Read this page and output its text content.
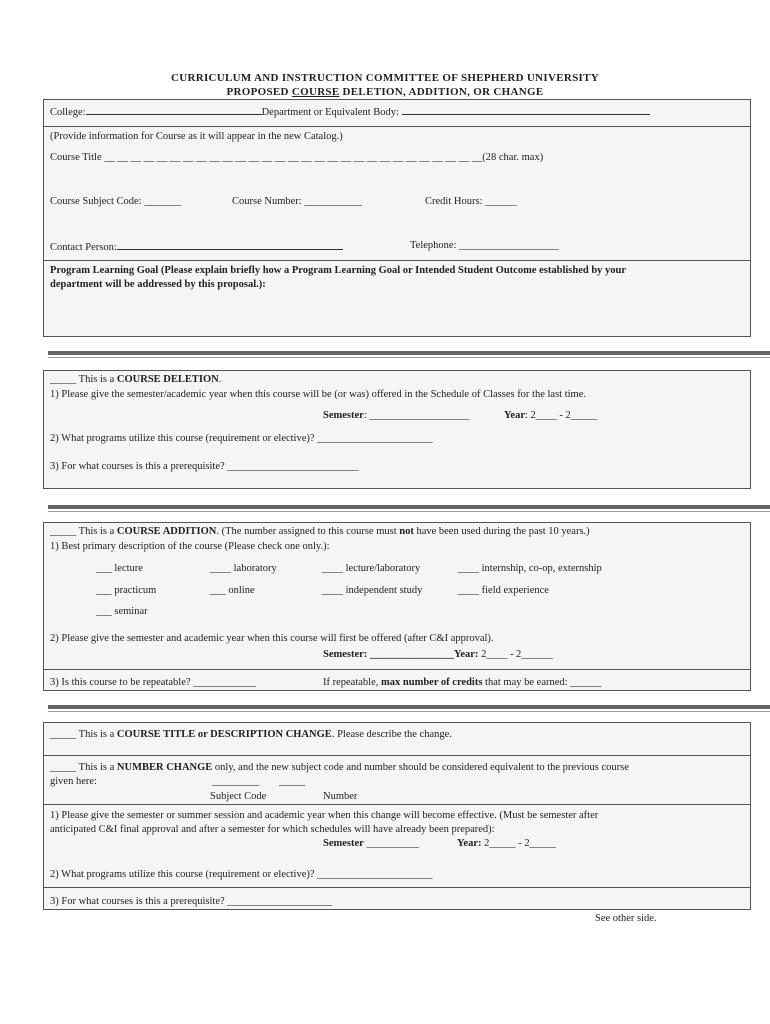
CURRICULUM AND INSTRUCTION COMMITTEE OF SHEPHERD UNIVERSITY
PROPOSED COURSE DELETION, ADDITION, OR CHANGE
College:	Department or Equivalent Body:
(Provide information for Course as it will appear in the new Catalog.)
Course Title __ __ __ __ __ __ __ __ __ __ __ __ __ __ __ __ __ __ __ __ __ __ __ __ __ __ __ __ __(28 char. max)
Course Subject Code: _______	Course Number: ___________	Credit Hours: ______
Contact Person:	Telephone: ___________________
Program Learning Goal (Please explain briefly how a Program Learning Goal or Intended Student Outcome established by your
department will be addressed by this proposal.):
_____ This is a COURSE DELETION.
1) Please give the semester/academic year when this course will be (or was) offered in the Schedule of Classes for the last time.
Semester: ___________________	Year: 2____ - 2_____
2) What programs utilize this course (requirement or elective)? ______________________
3) For what courses is this a prerequisite? _________________________
_____ This is a COURSE ADDITION. (The number assigned to this course must not have been used during the past 10 years.)
1) Best primary description of the course (Please check one only.):
___ lecture	____ laboratory	____ lecture/laboratory	____ internship, co-op, externship
___ practicum	___ online	____ independent study	____ field experience
___ seminar
2) Please give the semester and academic year when this course will first be offered (after C&I approval).
Semester: ________________Year: 2____ - 2______
3) Is this course to be repeatable? ____________	If repeatable, max number of credits that may be earned: ______
_____ This is a COURSE TITLE or DESCRIPTION CHANGE. Please describe the change.
_____ This is a NUMBER CHANGE only, and the new subject code and number should be considered equivalent to the previous course
given here:	_________ _____
Subject Code	Number
1) Please give the semester or summer session and academic year when this change will become effective. (Must be semester after
anticipated C&I final approval and after a semester for which schedules will have already been prepared):
Semester __________	Year: 2_____ - 2_____
2) What programs utilize this course (requirement or elective)? ______________________
3) For what courses is this a prerequisite? ____________________
See other side.
